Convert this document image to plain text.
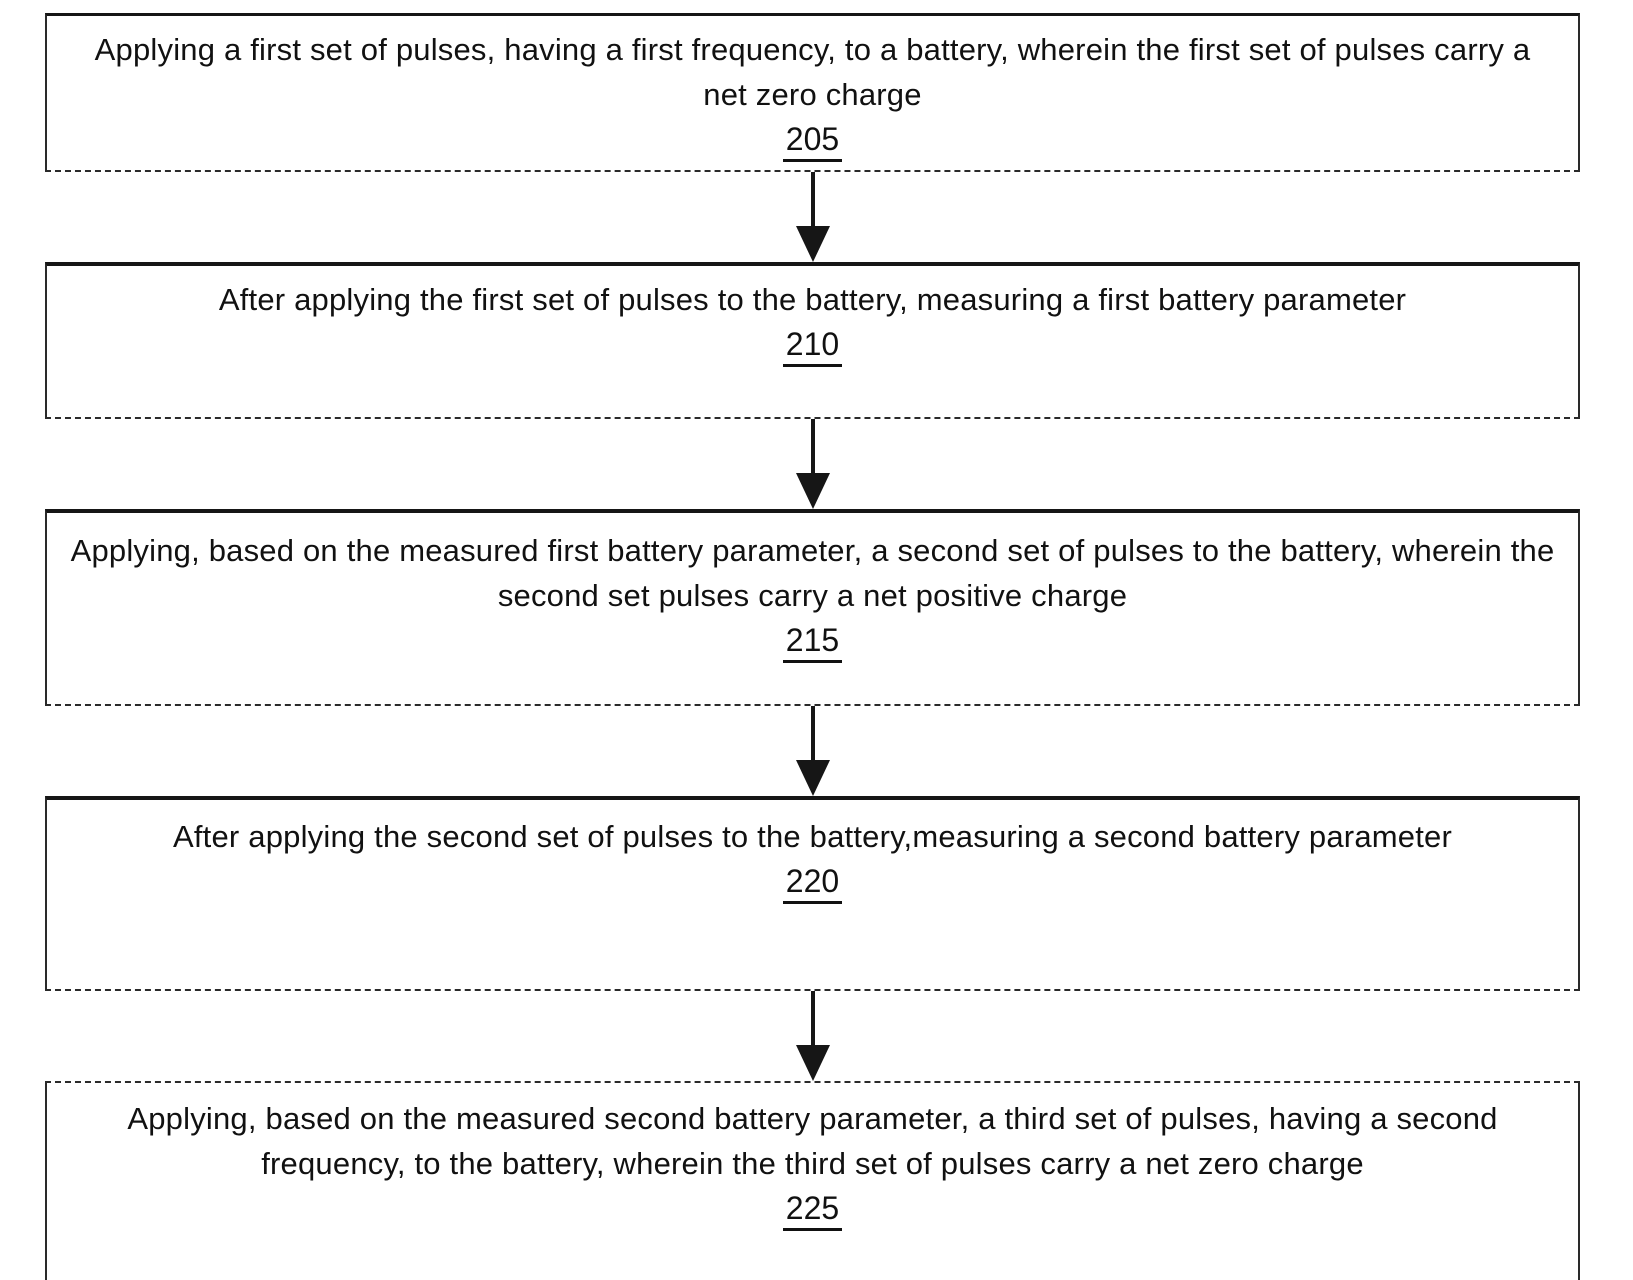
Applying a first set of pulses, having a first frequency, to a battery, wherein the first set of pulses carry a net zero charge

205

After applying the first set of pulses to the battery, measuring a first battery parameter

210

Applying, based on the measured first battery parameter, a second set of pulses to the battery, wherein the second set pulses carry a net positive charge

215

After applying the second set of pulses to the battery,measuring a second battery parameter

220

Applying, based on the measured second battery parameter, a third set of pulses, having a second frequency, to the battery, wherein the third set of pulses carry a net zero charge

225
